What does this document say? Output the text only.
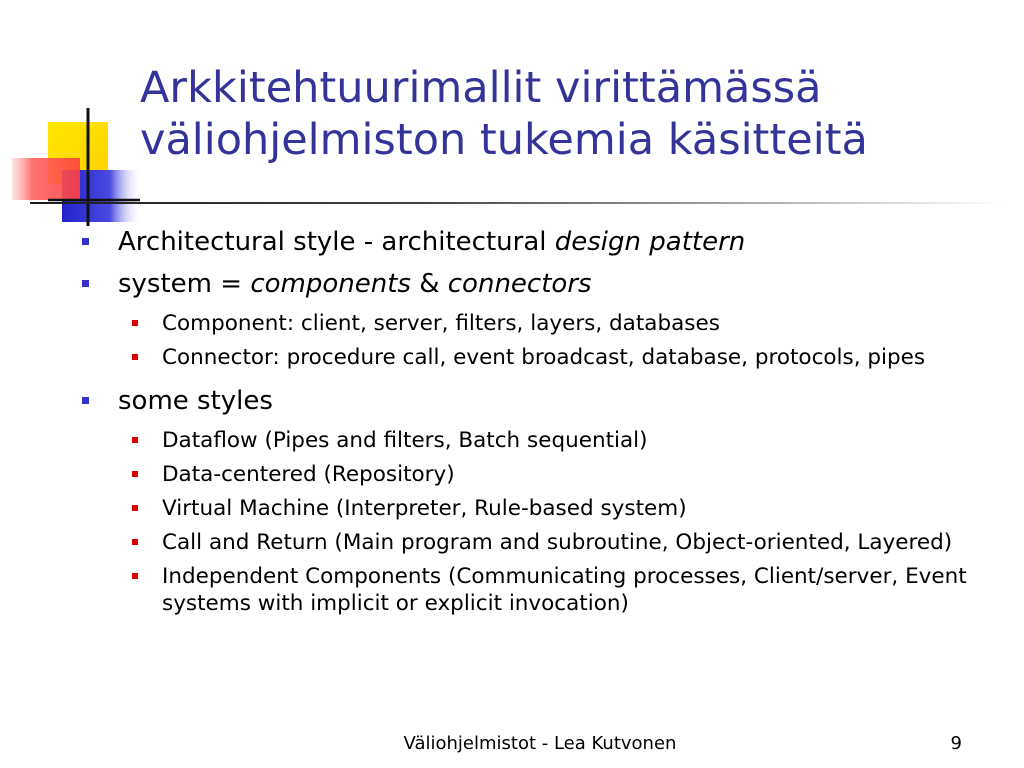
Arkkitehtuurimallit virittämässä
väliohjelmiston tukemia käsitteitä
Architectural style - architectural design pattern
system = components & connectors
Component: client, server, filters, layers, databases
Connector: procedure call, event broadcast, database, protocols, pipes
some styles
Dataflow (Pipes and filters, Batch sequential)
Data-centered (Repository)
Virtual Machine (Interpreter, Rule-based system)
Call and Return (Main program and subroutine, Object-oriented, Layered)
Independent Components (Communicating processes, Client/server, Event systems with implicit or explicit invocation)
Väliohjelmistot - Lea Kutvonen	9
